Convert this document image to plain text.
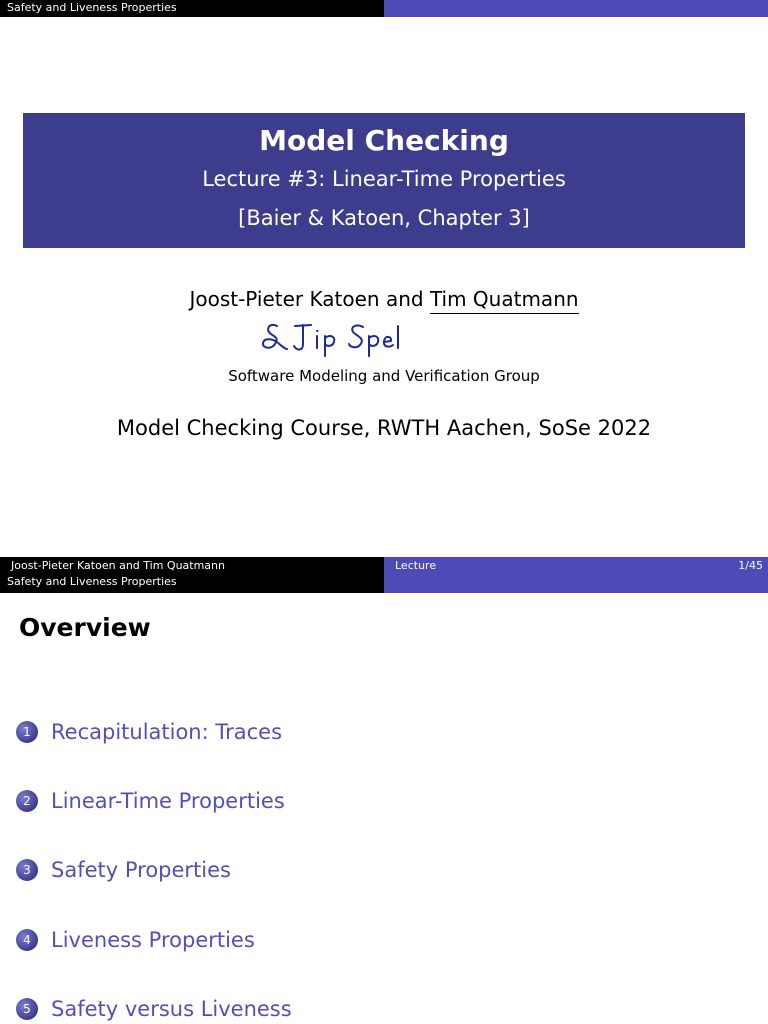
Safety and Liveness Properties
Model Checking
Lecture #3: Linear-Time Properties
[Baier & Katoen, Chapter 3]
Joost-Pieter Katoen and Tim Quatmann
Software Modeling and Verification Group
Model Checking Course, RWTH Aachen, SoSe 2022
Joost-Pieter Katoen and Tim Quatmann
Safety and Liveness Properties
Lecture	1/45
Overview
1 Recapitulation: Traces
2 Linear-Time Properties
3 Safety Properties
4 Liveness Properties
5 Safety versus Liveness
